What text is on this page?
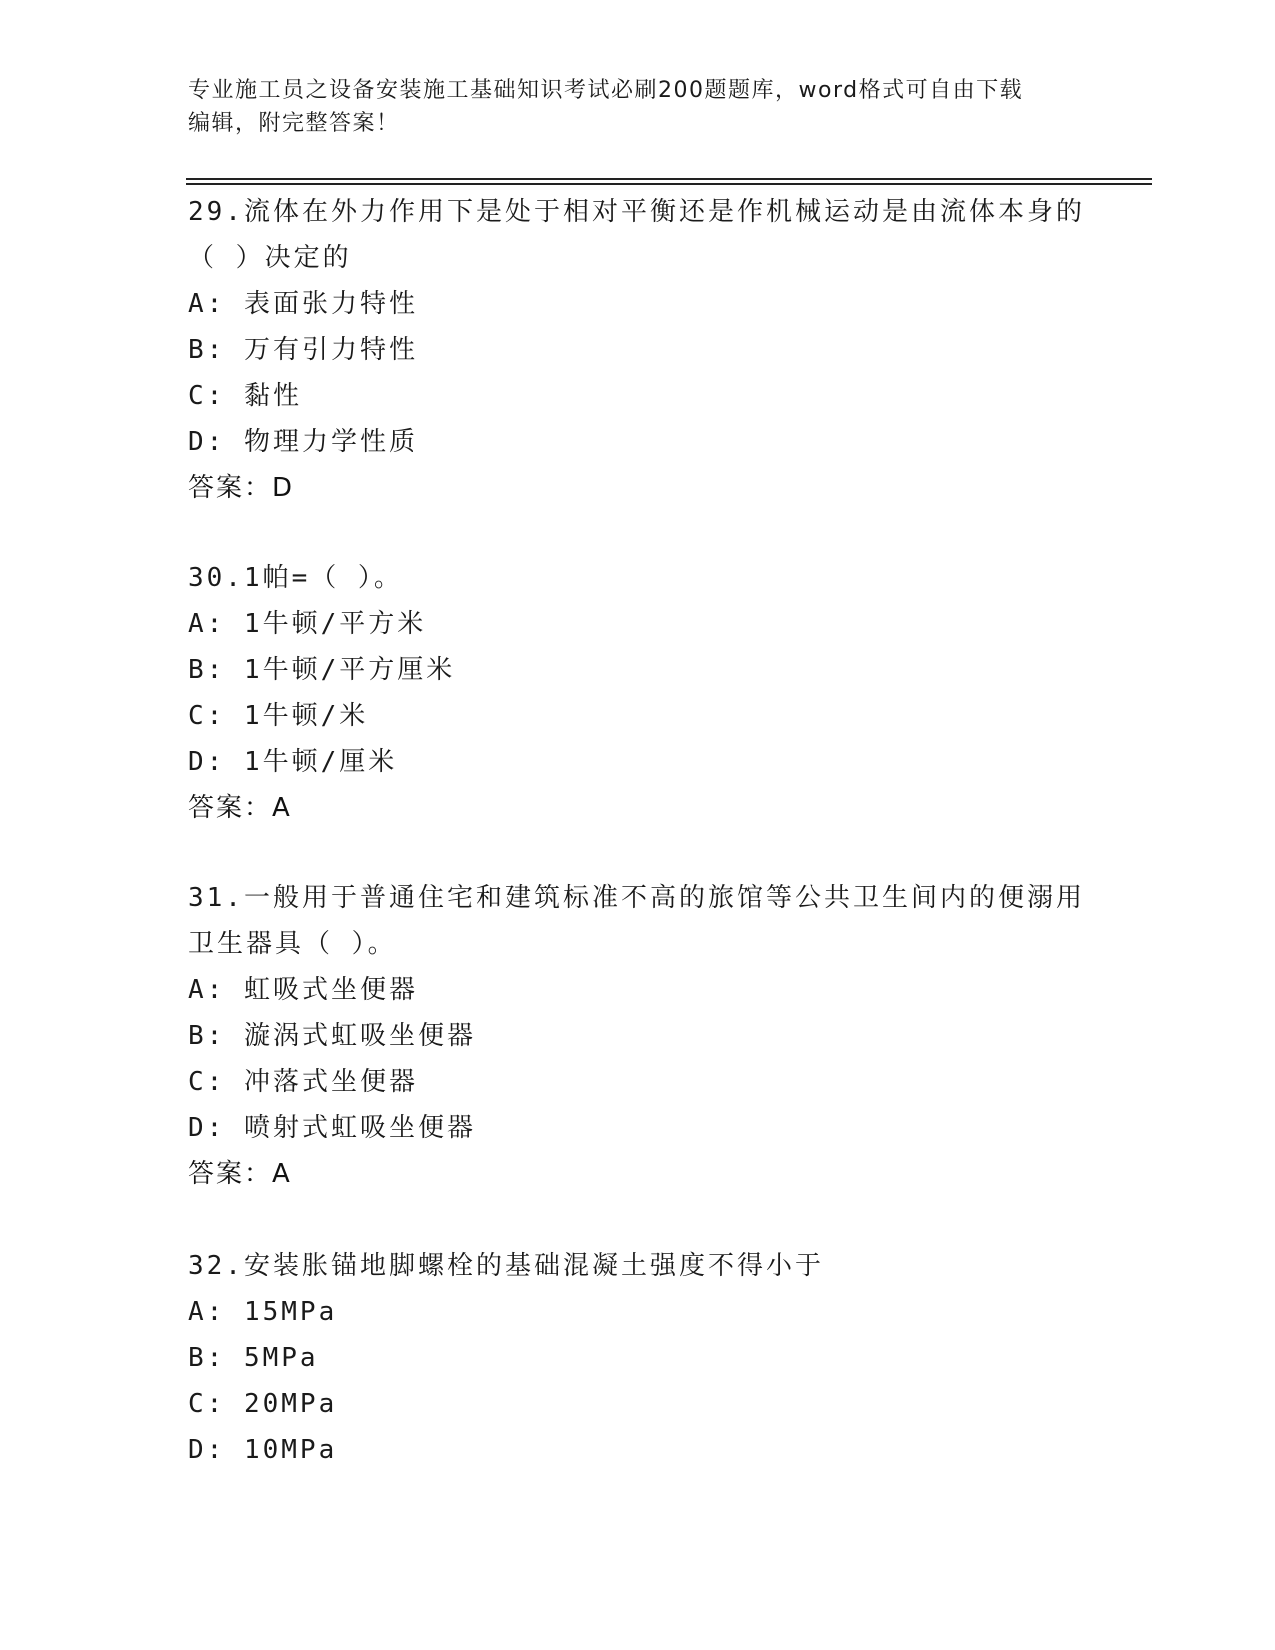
专业施工员之设备安装施工基础知识考试必刷200题题库，word格式可自由下载
编辑，附完整答案！

29.流体在外力作用下是处于相对平衡还是作机械运动是由流体本身的（ ）决定的

A: 表面张力特性
B: 万有引力特性
C: 黏性
D: 物理力学性质
答案：D

30.1帕=（ ）。

A: 1牛顿/平方米
B: 1牛顿/平方厘米
C: 1牛顿/米
D: 1牛顿/厘米
答案：A

31.一般用于普通住宅和建筑标准不高的旅馆等公共卫生间内的便溺用卫生器具（ ）。

A: 虹吸式坐便器
B: 漩涡式虹吸坐便器
C: 冲落式坐便器
D: 喷射式虹吸坐便器
答案：A

32.安装胀锚地脚螺栓的基础混凝土强度不得小于

A: 15MPa
B: 5MPa
C: 20MPa
D: 10MPa
